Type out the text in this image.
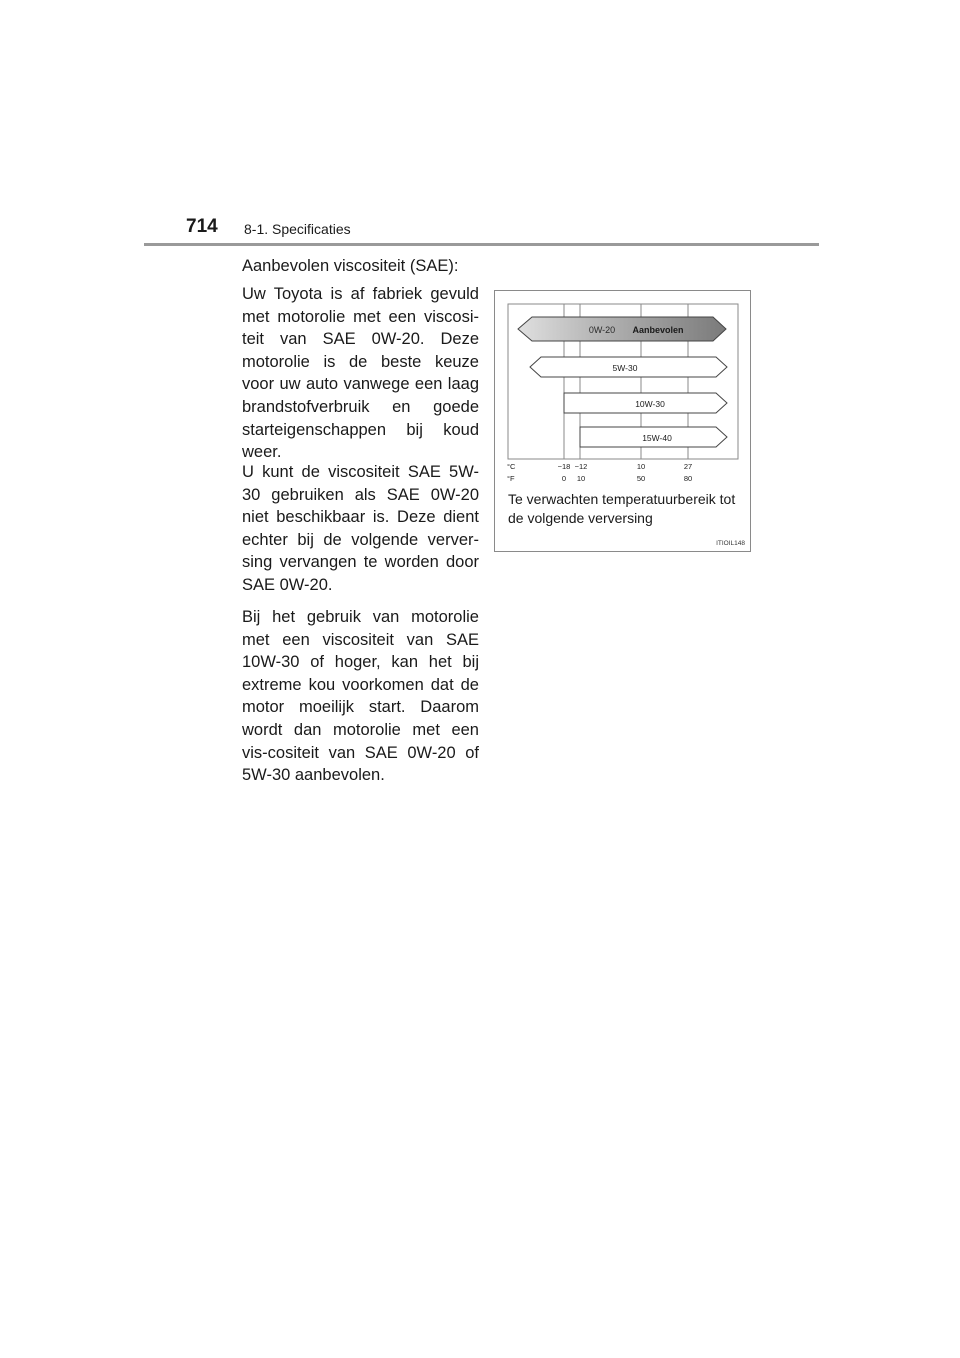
714 8-1. Specificaties
Aanbevolen viscositeit (SAE):
Uw Toyota is af fabriek gevuld met motorolie met een viscosi-teit van SAE 0W-20. Deze motorolie is de beste keuze voor uw auto vanwege een laag brandstofverbruik en goede starteigenschappen bij koud weer.
U kunt de viscositeit SAE 5W-30 gebruiken als SAE 0W-20 niet beschikbaar is. Deze dient echter bij de volgende verver-sing vervangen te worden door SAE 0W-20.
Bij het gebruik van motorolie met een viscositeit van SAE 10W-30 of hoger, kan het bij extreme kou voorkomen dat de motor moeilijk start. Daarom wordt dan motorolie met een vis-cositeit van SAE 0W-20 of 5W-30 aanbevolen.
0W-20 Aanbevolen
5W-30
10W-30
15W-40
°C
°F
−18 −12	10	27
0 10	50	80
Te verwachten temperatuurbereik tot de volgende verversing
ITIOIL148
